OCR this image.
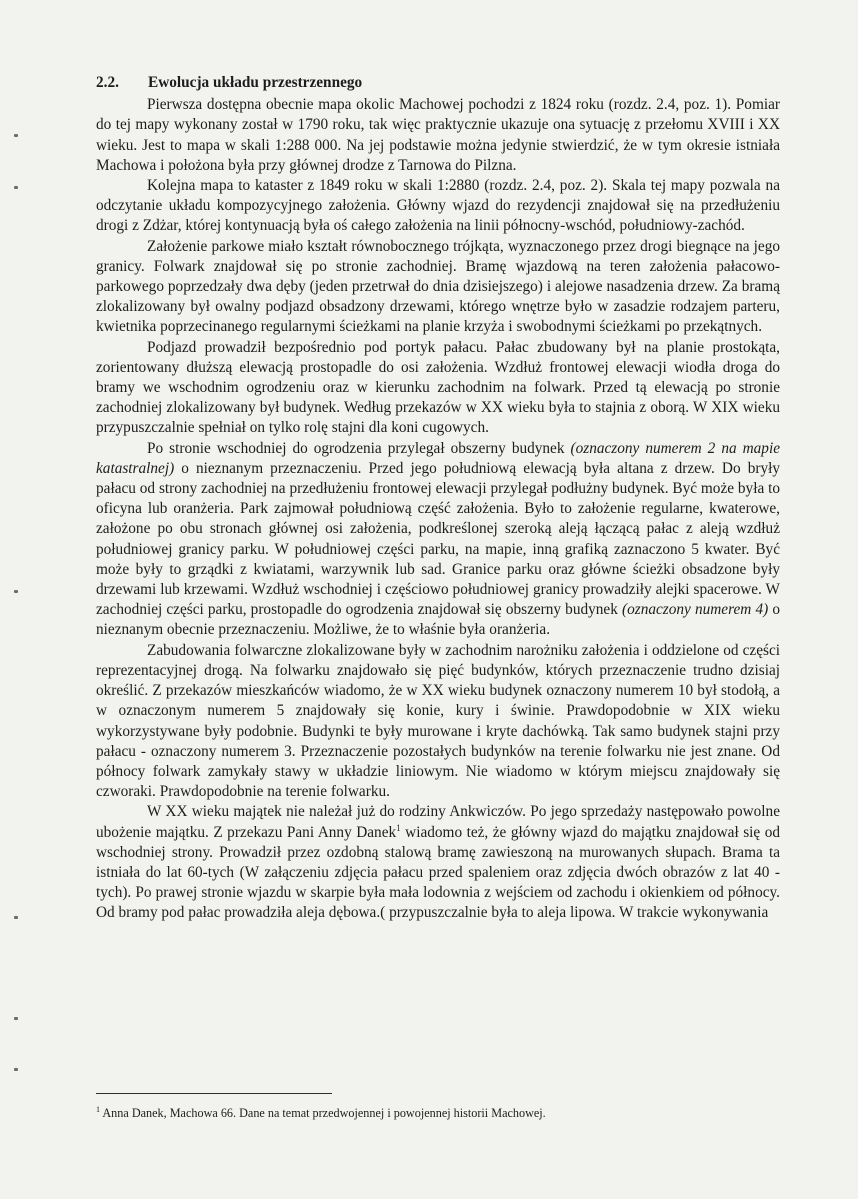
2.2. Ewolucja układu przestrzennego

Pierwsza dostępna obecnie mapa okolic Machowej pochodzi z 1824 roku (rozdz. 2.4, poz. 1). Pomiar do tej mapy wykonany został w 1790 roku, tak więc praktycznie ukazuje ona sytuację z przełomu XVIII i XX wieku. Jest to mapa w skali 1:288 000. Na jej podstawie można jedynie stwierdzić, że w tym okresie istniała Machowa i położona była przy głównej drodze z Tarnowa do Pilzna.

Kolejna mapa to kataster z 1849 roku w skali 1:2880 (rozdz. 2.4, poz. 2). Skala tej mapy pozwala na odczytanie układu kompozycyjnego założenia. Główny wjazd do rezydencji znajdował się na przedłużeniu drogi z Zdżar, której kontynuacją była oś całego założenia na linii północny-wschód, południowy-zachód.

Założenie parkowe miało kształt równobocznego trójkąta, wyznaczonego przez drogi biegnące na jego granicy. Folwark znajdował się po stronie zachodniej. Bramę wjazdową na teren założenia pałacowo-parkowego poprzedzały dwa dęby (jeden przetrwał do dnia dzisiejszego) i alejowe nasadzenia drzew. Za bramą zlokalizowany był owalny podjazd obsadzony drzewami, którego wnętrze było w zasadzie rodzajem parteru, kwietnika poprzecinanego regularnymi ścieżkami na planie krzyża i swobodnymi ścieżkami po przekątnych.

Podjazd prowadził bezpośrednio pod portyk pałacu. Pałac zbudowany był na planie prostokąta, zorientowany dłuższą elewacją prostopadle do osi założenia. Wzdłuż frontowej elewacji wiodła droga do bramy we wschodnim ogrodzeniu oraz w kierunku zachodnim na folwark. Przed tą elewacją po stronie zachodniej zlokalizowany był budynek. Według przekazów w XX wieku była to stajnia z oborą. W XIX wieku przypuszczalnie spełniał on tylko rolę stajni dla koni cugowych.

Po stronie wschodniej do ogrodzenia przylegał obszerny budynek (oznaczony numerem 2 na mapie katastralnej) o nieznanym przeznaczeniu. Przed jego południową elewacją była altana z drzew. Do bryły pałacu od strony zachodniej na przedłużeniu frontowej elewacji przylegał podłużny budynek. Być może była to oficyna lub oranżeria. Park zajmował południową część założenia. Było to założenie regularne, kwaterowe, założone po obu stronach głównej osi założenia, podkreślonej szeroką aleją łączącą pałac z aleją wzdłuż południowej granicy parku. W południowej części parku, na mapie, inną grafiką zaznaczono 5 kwater. Być może były to grządki z kwiatami, warzywnik lub sad. Granice parku oraz główne ścieżki obsadzone były drzewami lub krzewami. Wzdłuż wschodniej i częściowo południowej granicy prowadziły alejki spacerowe. W zachodniej części parku, prostopadle do ogrodzenia znajdował się obszerny budynek (oznaczony numerem 4) o nieznanym obecnie przeznaczeniu. Możliwe, że to właśnie była oranżeria.

Zabudowania folwarczne zlokalizowane były w zachodnim narożniku założenia i oddzielone od części reprezentacyjnej drogą. Na folwarku znajdowało się pięć budynków, których przeznaczenie trudno dzisiaj określić. Z przekazów mieszkańców wiadomo, że w XX wieku budynek oznaczony numerem 10 był stodołą, a w oznaczonym numerem 5 znajdowały się konie, kury i świnie. Prawdopodobnie w XIX wieku wykorzystywane były podobnie. Budynki te były murowane i kryte dachówką. Tak samo budynek stajni przy pałacu - oznaczony numerem 3. Przeznaczenie pozostałych budynków na terenie folwarku nie jest znane. Od północy folwark zamykały stawy w układzie liniowym. Nie wiadomo w którym miejscu znajdowały się czworaki. Prawdopodobnie na terenie folwarku.

W XX wieku majątek nie należał już do rodziny Ankwiczów. Po jego sprzedaży następowało powolne ubożenie majątku. Z przekazu Pani Anny Danek$^1$ wiadomo też, że główny wjazd do majątku znajdował się od wschodniej strony. Prowadził przez ozdobną stalową bramę zawieszoną na murowanych słupach. Brama ta istniała do lat 60-tych (W załączeniu zdjęcia pałacu przed spaleniem oraz zdjęcia dwóch obrazów z lat 40 - tych). Po prawej stronie wjazdu w skarpie była mała lodownia z wejściem od zachodu i okienkiem od północy. Od bramy pod pałac prowadziła aleja dębowa.( przypuszczalnie była to aleja lipowa. W trakcie wykonywania

$^1$ Anna Danek, Machowa 66. Dane na temat przedwojennej i powojennej historii Machowej.
